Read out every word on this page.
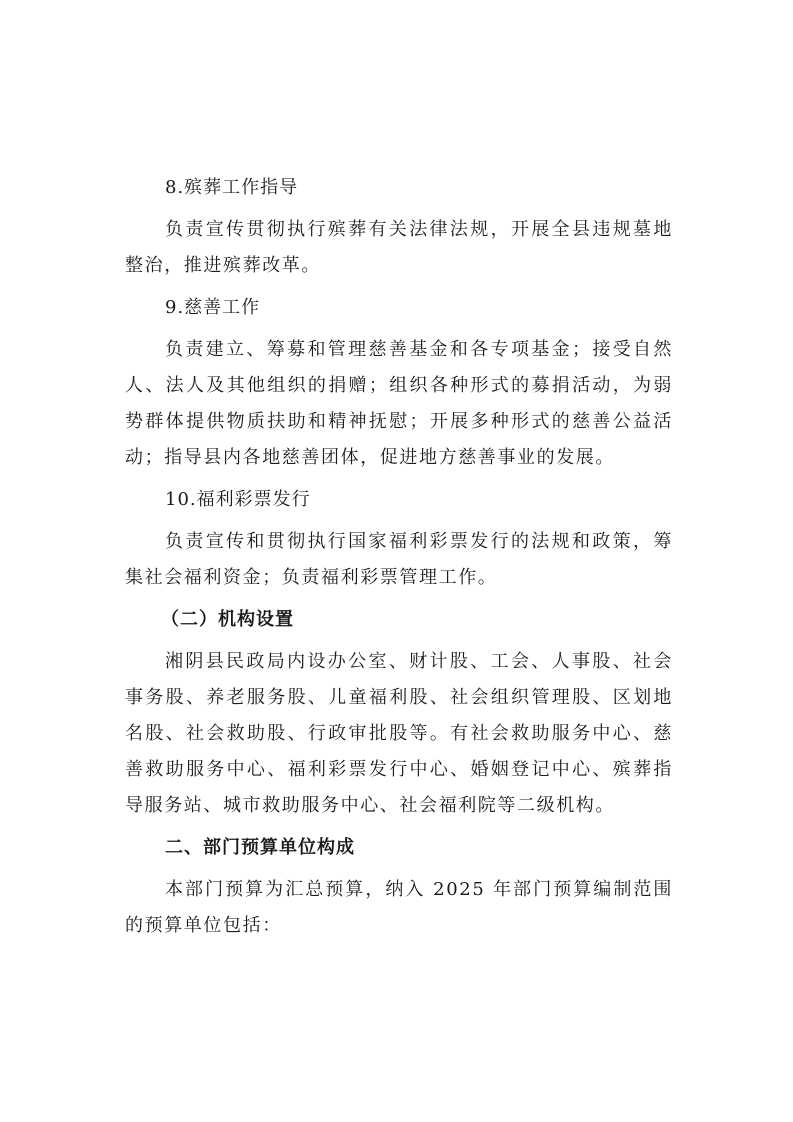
8.殡葬工作指导

负责宣传贯彻执行殡葬有关法律法规，开展全县违规墓地整治，推进殡葬改革。

9.慈善工作

负责建立、筹募和管理慈善基金和各专项基金；接受自然人、法人及其他组织的捐赠；组织各种形式的募捐活动，为弱势群体提供物质扶助和精神抚慰；开展多种形式的慈善公益活动；指导县内各地慈善团体，促进地方慈善事业的发展。

10.福利彩票发行

负责宣传和贯彻执行国家福利彩票发行的法规和政策，筹集社会福利资金；负责福利彩票管理工作。

（二）机构设置

湘阴县民政局内设办公室、财计股、工会、人事股、社会事务股、养老服务股、儿童福利股、社会组织管理股、区划地名股、社会救助股、行政审批股等。有社会救助服务中心、慈善救助服务中心、福利彩票发行中心、婚姻登记中心、殡葬指导服务站、城市救助服务中心、社会福利院等二级机构。

二、部门预算单位构成

本部门预算为汇总预算，纳入 2025 年部门预算编制范围的预算单位包括：
